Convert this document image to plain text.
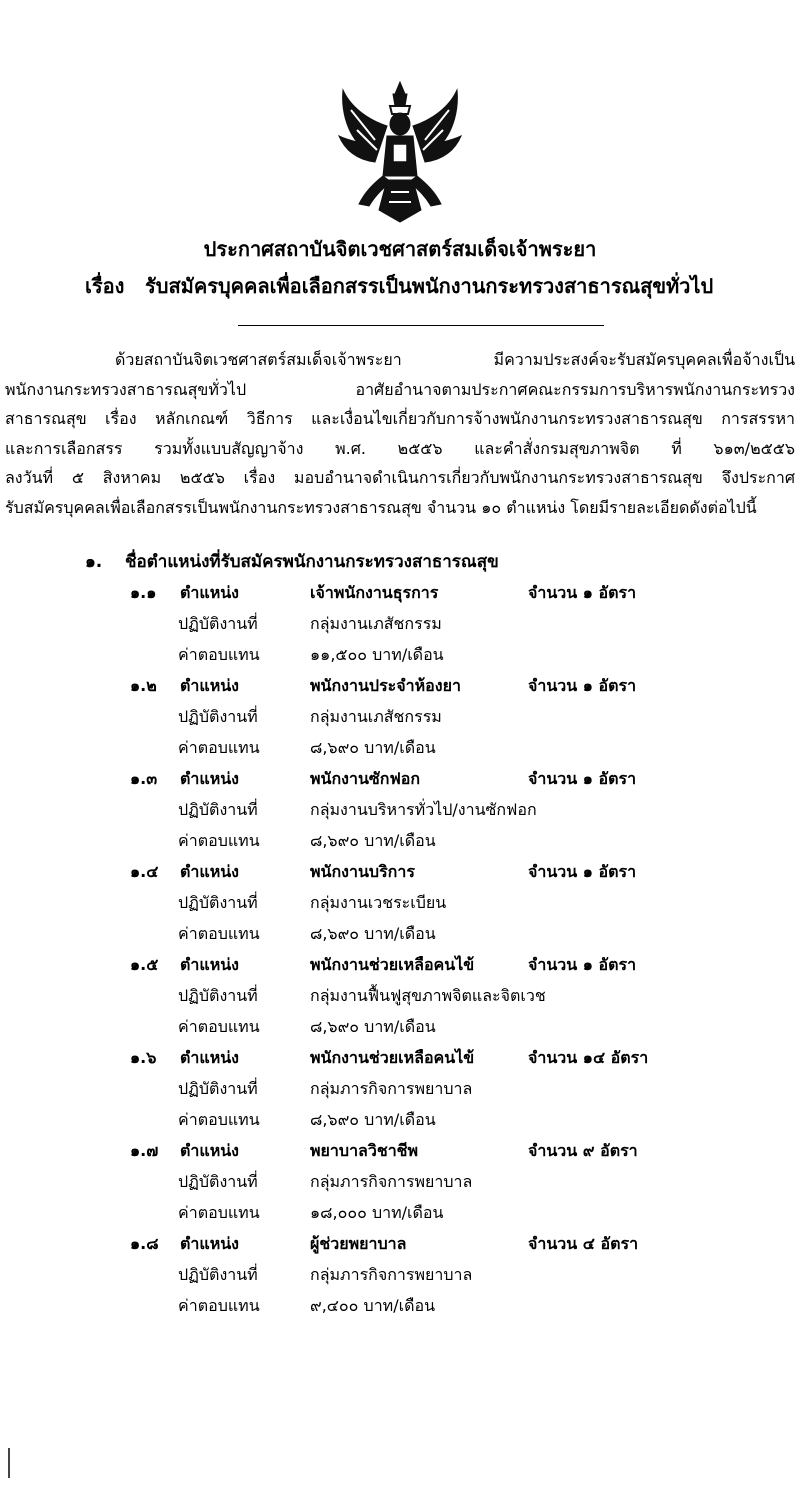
ประกาศสถาบันจิตเวชศาสตร์สมเด็จเจ้าพระยา
เรื่อง รับสมัครบุคคลเพื่อเลือกสรรเป็นพนักงานกระทรวงสาธารณสุขทั่วไป
ด้วยสถาบันจิตเวชศาสตร์สมเด็จเจ้าพระยา มีความประสงค์จะรับสมัครบุคคลเพื่อจ้างเป็น
พนักงานกระทรวงสาธารณสุขทั่วไป อาศัยอำนาจตามประกาศคณะกรรมการบริหารพนักงานกระทรวง
สาธารณสุข เรื่อง หลักเกณฑ์ วิธีการ และเงื่อนไขเกี่ยวกับการจ้างพนักงานกระทรวงสาธารณสุข การสรรหา
และการเลือกสรร รวมทั้งแบบสัญญาจ้าง พ.ศ. ๒๕๕๖ และคำสั่งกรมสุขภาพจิต ที่ ๖๑๓/๒๕๕๖
ลงวันที่ ๕ สิงหาคม ๒๕๕๖ เรื่อง มอบอำนาจดำเนินการเกี่ยวกับพนักงานกระทรวงสาธารณสุข จึงประกาศ
รับสมัครบุคคลเพื่อเลือกสรรเป็นพนักงานกระทรวงสาธารณสุข จำนวน ๑๐ ตำแหน่ง โดยมีรายละเอียดดังต่อไปนี้
๑. ชื่อตำแหน่งที่รับสมัครพนักงานกระทรวงสาธารณสุข
๑.๑ ตำแหน่ง	เจ้าพนักงานธุรการ	จำนวน ๑ อัตรา
ปฏิบัติงานที่	กลุ่มงานเภสัชกรรม
ค่าตอบแทน	๑๑,๕๐๐ บาท/เดือน
๑.๒ ตำแหน่ง	พนักงานประจำห้องยา	จำนวน ๑ อัตรา
ปฏิบัติงานที่	กลุ่มงานเภสัชกรรม
ค่าตอบแทน	๘,๖๙๐ บาท/เดือน
๑.๓ ตำแหน่ง	พนักงานซักฟอก	จำนวน ๑ อัตรา
ปฏิบัติงานที่	กลุ่มงานบริหารทั่วไป/งานซักฟอก
ค่าตอบแทน	๘,๖๙๐ บาท/เดือน
๑.๔ ตำแหน่ง	พนักงานบริการ	จำนวน ๑ อัตรา
ปฏิบัติงานที่	กลุ่มงานเวชระเบียน
ค่าตอบแทน	๘,๖๙๐ บาท/เดือน
๑.๕ ตำแหน่ง	พนักงานช่วยเหลือคนไข้	จำนวน ๑ อัตรา
ปฏิบัติงานที่	กลุ่มงานฟื้นฟูสุขภาพจิตและจิตเวช
ค่าตอบแทน	๘,๖๙๐ บาท/เดือน
๑.๖ ตำแหน่ง	พนักงานช่วยเหลือคนไข้	จำนวน ๑๔ อัตรา
ปฏิบัติงานที่	กลุ่มภารกิจการพยาบาล
ค่าตอบแทน	๘,๖๙๐ บาท/เดือน
๑.๗ ตำแหน่ง	พยาบาลวิชาชีพ	จำนวน ๙ อัตรา
ปฏิบัติงานที่	กลุ่มภารกิจการพยาบาล
ค่าตอบแทน	๑๘,๐๐๐ บาท/เดือน
๑.๘ ตำแหน่ง	ผู้ช่วยพยาบาล	จำนวน ๔ อัตรา
ปฏิบัติงานที่	กลุ่มภารกิจการพยาบาล
ค่าตอบแทน	๙,๔๐๐ บาท/เดือน
